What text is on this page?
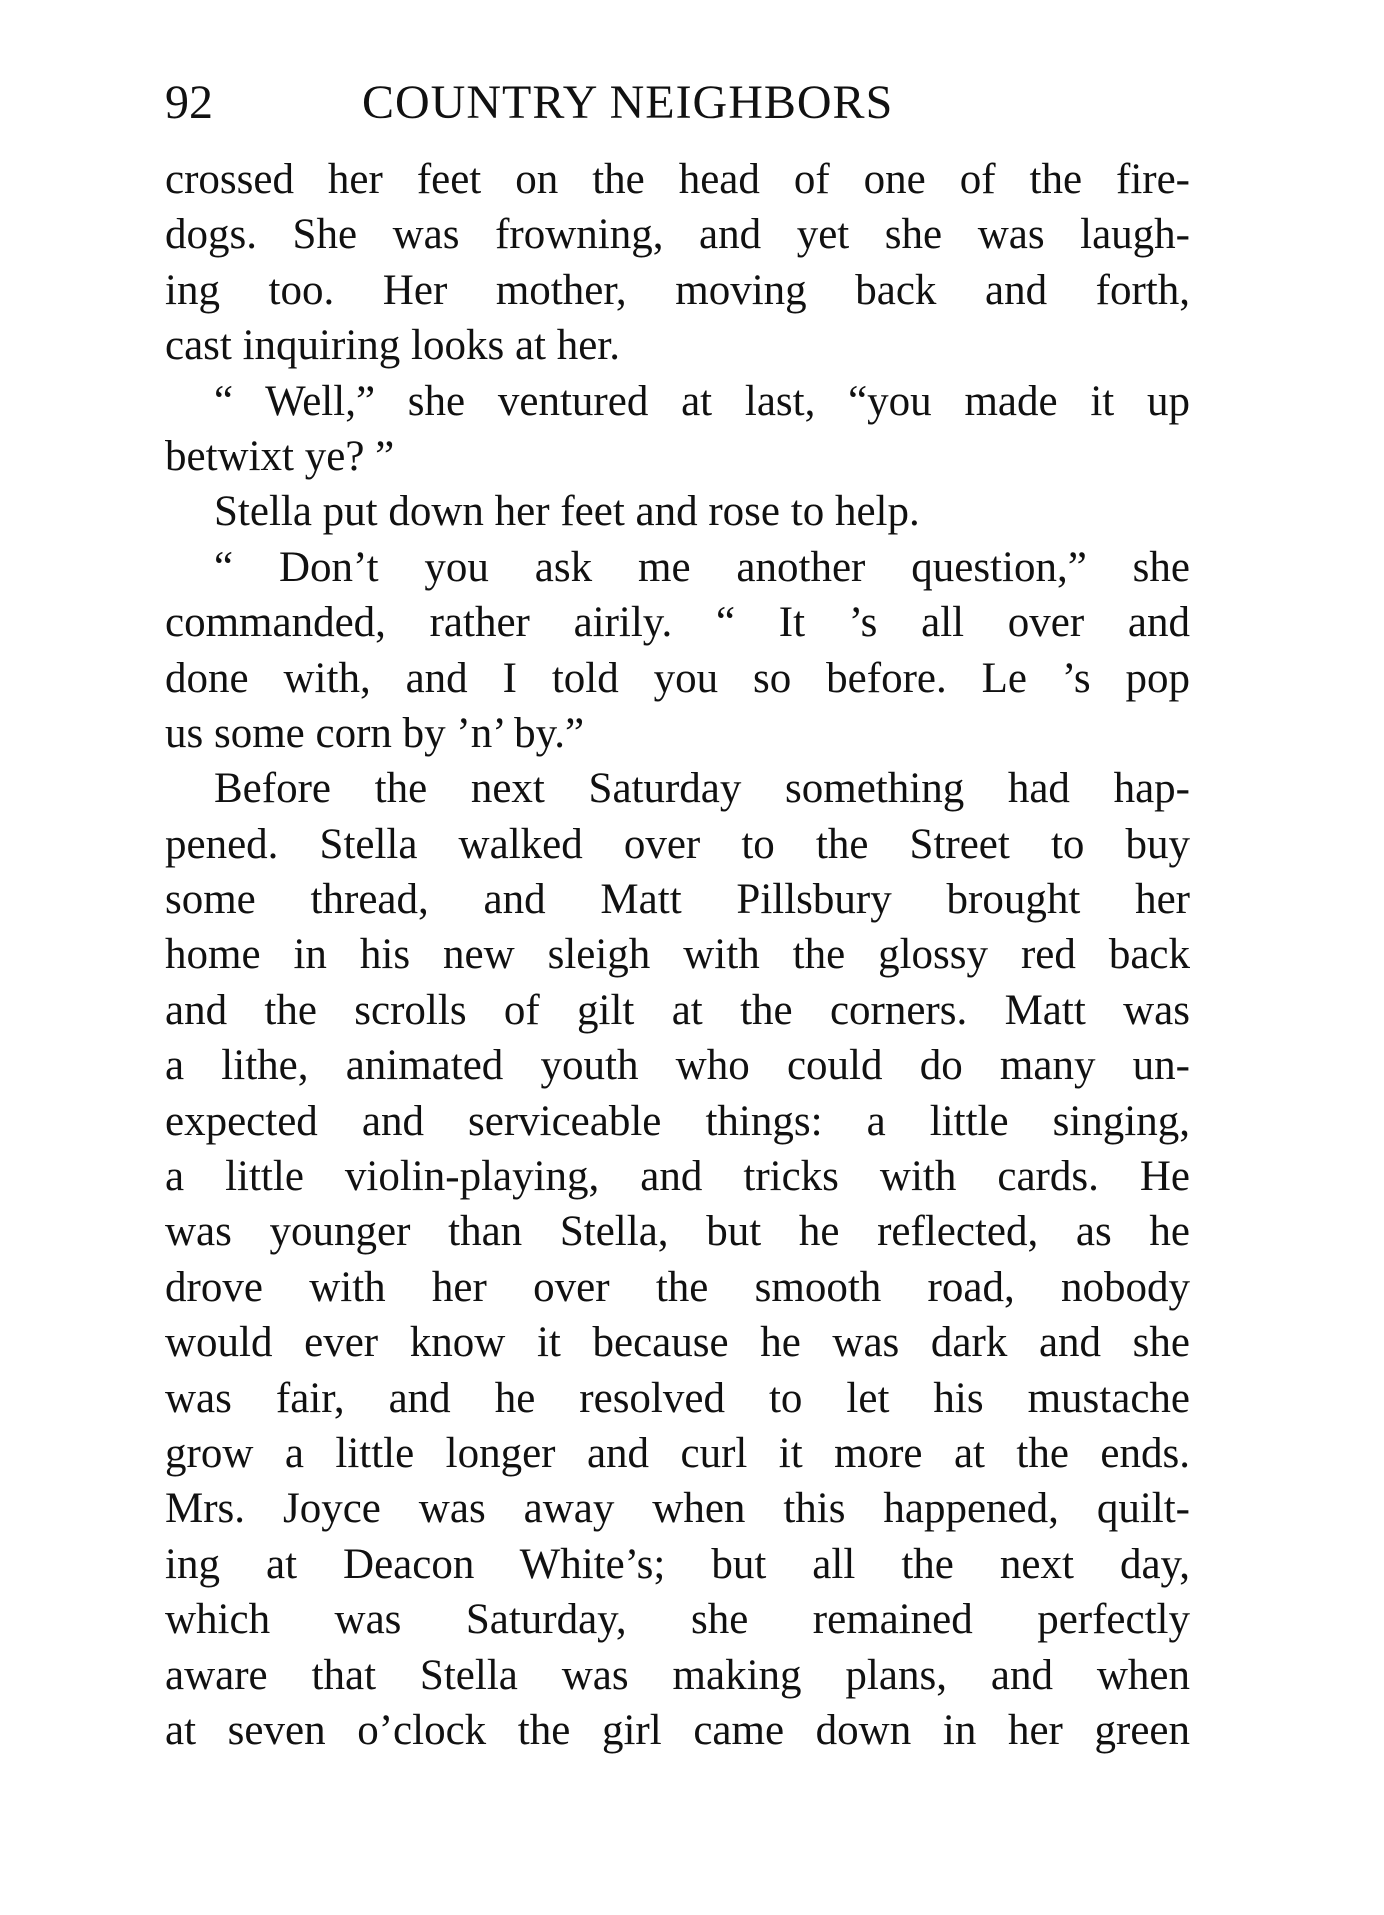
92	COUNTRY NEIGHBORS
crossed her feet on the head of one of the fire-
dogs. She was frowning, and yet she was laugh-
ing too. Her mother, moving back and forth,
cast inquiring looks at her.
“ Well,” she ventured at last, “you made it up
betwixt ye? ”
Stella put down her feet and rose to help.
“ Don’t you ask me another question,” she
commanded, rather airily. “ It ’s all over and
done with, and I told you so before. Le ’s pop
us some corn by ’n’ by.”
Before the next Saturday something had hap-
pened. Stella walked over to the Street to buy
some thread, and Matt Pillsbury brought her
home in his new sleigh with the glossy red back
and the scrolls of gilt at the corners. Matt was
a lithe, animated youth who could do many un-
expected and serviceable things: a little singing,
a little violin-playing, and tricks with cards. He
was younger than Stella, but he reflected, as he
drove with her over the smooth road, nobody
would ever know it because he was dark and she
was fair, and he resolved to let his mustache
grow a little longer and curl it more at the ends.
Mrs. Joyce was away when this happened, quilt-
ing at Deacon White’s; but all the next day,
which was Saturday, she remained perfectly
aware that Stella was making plans, and when
at seven o’clock the girl came down in her green
